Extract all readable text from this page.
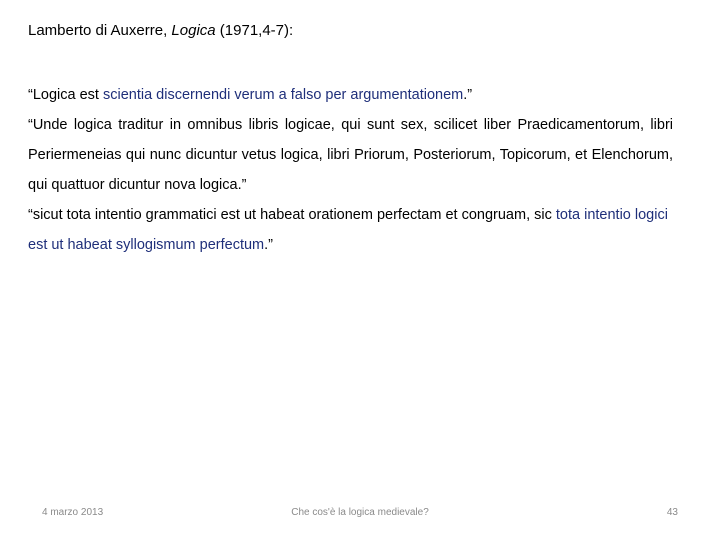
Lamberto di Auxerre, Logica (1971,4-7):

“Logica est scientia discernendi verum a falso per argumentationem.”

“Unde logica traditur in omnibus libris logicae, qui sunt sex, scilicet liber Praedicamentorum, libri Periermeneias qui nunc dicuntur vetus logica, libri Priorum, Posteriorum, Topicorum, et Elenchorum, qui quattuor dicuntur nova logica.”

“sicut tota intentio grammatici est ut habeat orationem perfectam et congruam, sic tota intentio logici est ut habeat syllogismum perfectum.”

4 marzo 2013	Che cos'è la logica medievale?	43
